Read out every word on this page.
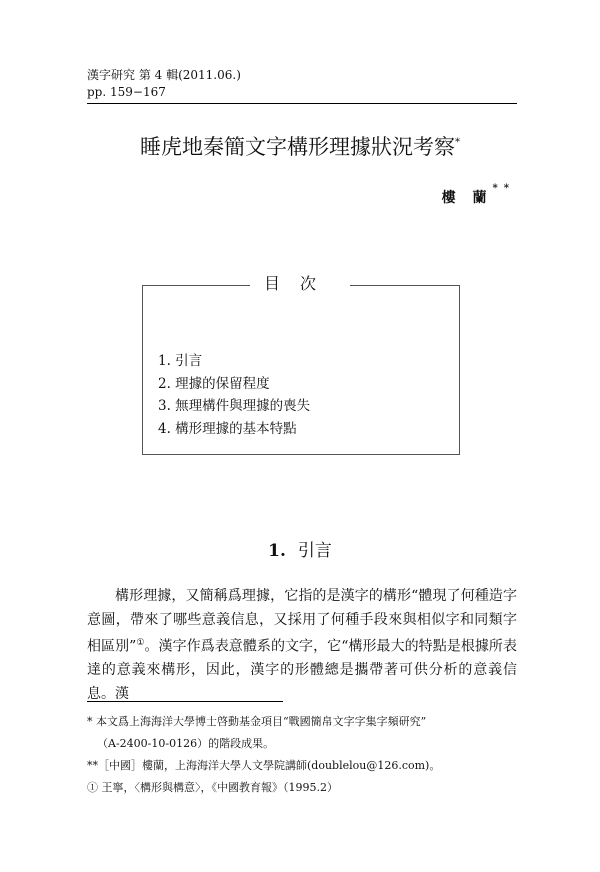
漢字研究 第 4 輯(2011.06.)
pp. 159−167
睡虎地秦簡文字構形理據狀況考察*
樓 蘭**
目次
1. 引言
2. 理據的保留程度
3. 無理構件與理據的喪失
4. 構形理據的基本特點
1. 引言

構形理據，又簡稱爲理據，它指的是漢字的構形“體現了何種造字意圖，帶來了哪些意義信息，又採用了何種手段來與相似字和同類字相區別”①。漢字作爲表意體系的文字，它“構形最大的特點是根據所表達的意義來構形，因此，漢字的形體總是攜帶著可供分析的意義信息。漢

* 本文爲上海海洋大學博士啓動基金項目“戰國簡帛文字字集字頻研究”
（A-2400-10-0126）的階段成果。
**［中國］樓蘭，上海海洋大學人文學院講師(doublelou@126.com)。
① 王寧，〈構形與構意〉，《中國教育報》（1995.2）
